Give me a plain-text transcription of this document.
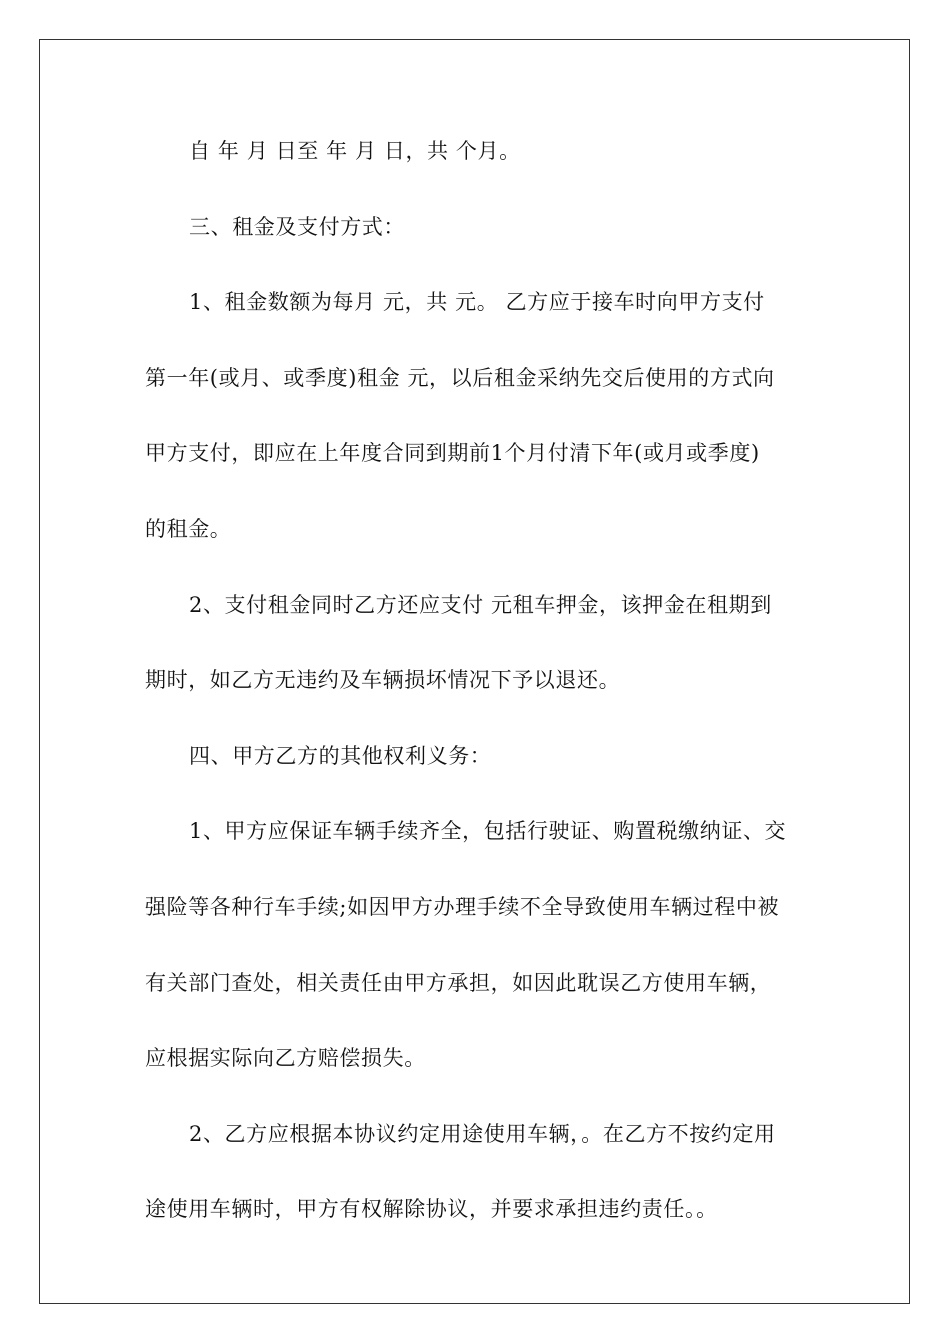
自 年 月 日至 年 月 日，共 个月。
三、租金及支付方式：
1、租金数额为每月 元，共 元。 乙方应于接车时向甲方支付
第一年(或月、或季度)租金 元，以后租金采纳先交后使用的方式向
甲方支付，即应在上年度合同到期前1个月付清下年(或月或季度)
的租金。
2、支付租金同时乙方还应支付 元租车押金，该押金在租期到
期时，如乙方无违约及车辆损坏情况下予以退还。
四、甲方乙方的其他权利义务：
1、甲方应保证车辆手续齐全，包括行驶证、购置税缴纳证、交
强险等各种行车手续;如因甲方办理手续不全导致使用车辆过程中被
有关部门查处，相关责任由甲方承担，如因此耽误乙方使用车辆，
应根据实际向乙方赔偿损失。
2、乙方应根据本协议约定用途使用车辆，。在乙方不按约定用
途使用车辆时，甲方有权解除协议，并要求承担违约责任。。
